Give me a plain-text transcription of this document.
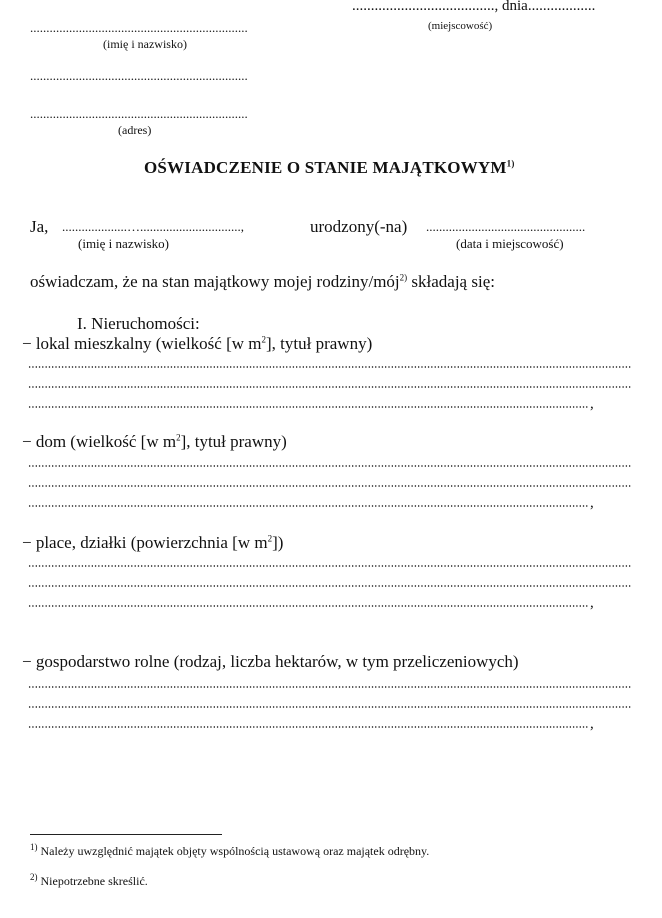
......................................, dnia..................
(miejscowość)
...................................................................
(imię i nazwisko)
...................................................................
...................................................................
(adres)
OŚWIADCZENIE O STANIE MAJĄTKOWYM$^{1)}$
Ja, ....................…...............................,	urodzony(-na) .................................................
(imię i nazwisko)	(data i miejscowość)
oświadczam, że na stan majątkowy mojej rodziny/mój$^{2)}$ składają się:
I. Nieruchomości:
− lokal mieszkalny (wielkość [w $m^2$], tytuł prawny)
,
− dom (wielkość [w $m^2$], tytuł prawny)
,
− place, działki (powierzchnia [w $m^2$])
,
− gospodarstwo rolne (rodzaj, liczba hektarów, w tym przeliczeniowych)
,
$^{1)}$ Należy uwzględnić majątek objęty wspólnością ustawową oraz majątek odrębny.
$^{2)}$ Niepotrzebne skreślić.
